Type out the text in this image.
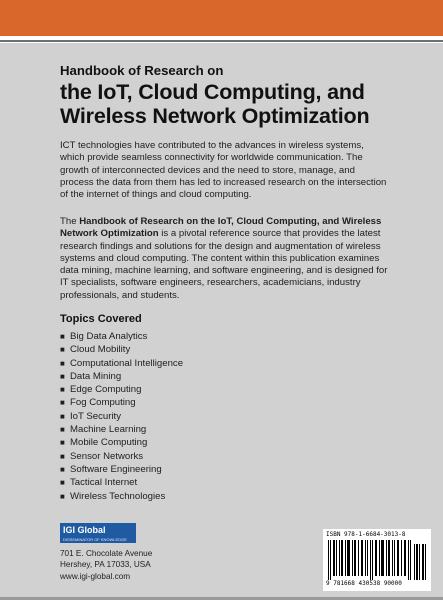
Handbook of Research on
the IoT, Cloud Computing, and Wireless Network Optimization
ICT technologies have contributed to the advances in wireless systems, which provide seamless connectivity for worldwide communication. The growth of interconnected devices and the need to store, manage, and process the data from them has led to increased research on the intersection of the internet of things and cloud computing.
The Handbook of Research on the IoT, Cloud Computing, and Wireless Network Optimization is a pivotal reference source that provides the latest research findings and solutions for the design and augmentation of wireless systems and cloud computing. The content within this publication examines data mining, machine learning, and software engineering, and is designed for IT specialists, software engineers, researchers, academicians, industry professionals, and students.
Topics Covered
■ Big Data Analytics
■ Cloud Mobility
■ Computational Intelligence
■ Data Mining
■ Edge Computing
■ Fog Computing
■ IoT Security
■ Machine Learning
■ Mobile Computing
■ Sensor Networks
■ Software Engineering
■ Tactical Internet
■ Wireless Technologies
IGI Global
DISSEMINATOR OF KNOWLEDGE
701 E. Chocolate Avenue
Hershey, PA 17033, USA
www.igi-global.com
ISBN 978-1-6684-3013-8
9 781668 430538 90000
